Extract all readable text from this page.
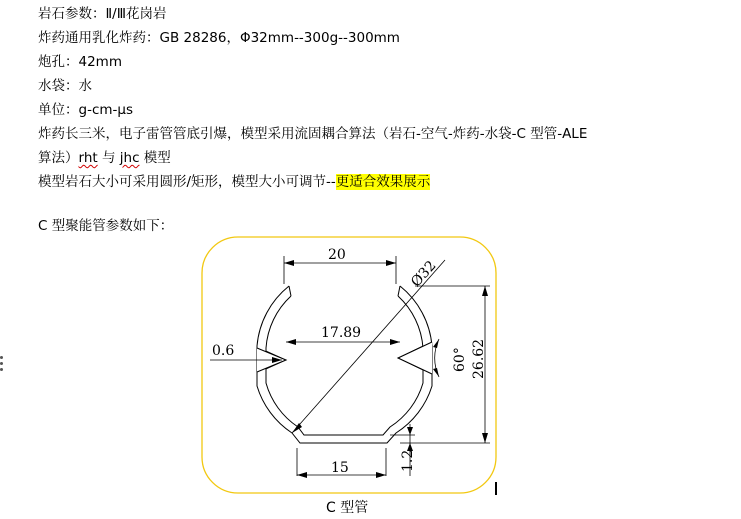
岩石参数：Ⅱ/Ⅲ花岗岩
炸药通用乳化炸药：GB 28286，Φ32mm--300g--300mm
炮孔：42mm
水袋：水
单位：g-cm-μs
炸药长三米，电子雷管管底引爆，模型采用流固耦合算法（岩石-空气-炸药-水袋-C 型管-ALE
算法）rht 与 jhc 模型
模型岩石大小可采用圆形/矩形，模型大小可调节--更适合效果展示
C 型聚能管参数如下：
20
Ø32
17.89
0.6	60° 26.62
15	1.2
C 型管
